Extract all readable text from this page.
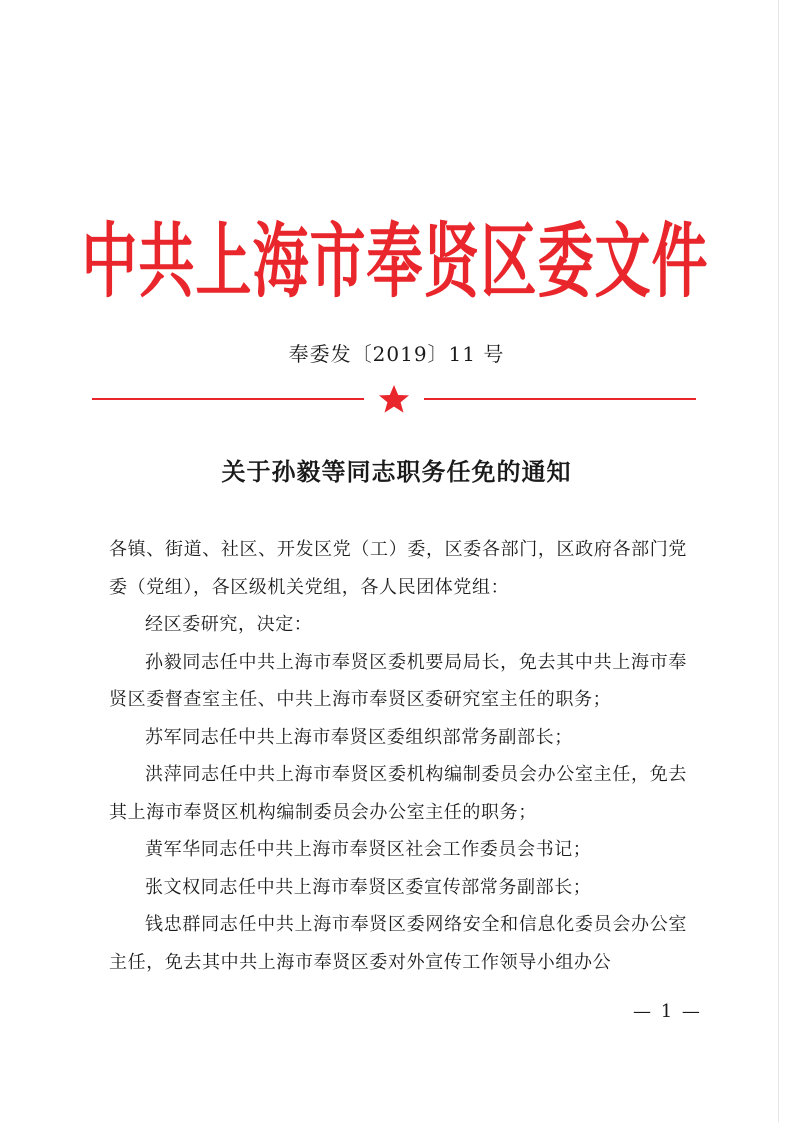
中共上海市奉贤区委文件
奉委发〔2019〕11 号
关于孙毅等同志职务任免的通知

各镇、街道、社区、开发区党（工）委，区委各部门，区政府各部门党委（党组），各区级机关党组，各人民团体党组：

经区委研究，决定：

孙毅同志任中共上海市奉贤区委机要局局长，免去其中共上海市奉贤区委督查室主任、中共上海市奉贤区委研究室主任的职务；

苏军同志任中共上海市奉贤区委组织部常务副部长；

洪萍同志任中共上海市奉贤区委机构编制委员会办公室主任，免去其上海市奉贤区机构编制委员会办公室主任的职务；

黄军华同志任中共上海市奉贤区社会工作委员会书记；

张文权同志任中共上海市奉贤区委宣传部常务副部长；

钱忠群同志任中共上海市奉贤区委网络安全和信息化委员会办公室主任，免去其中共上海市奉贤区委对外宣传工作领导小组办公

— 1 —
